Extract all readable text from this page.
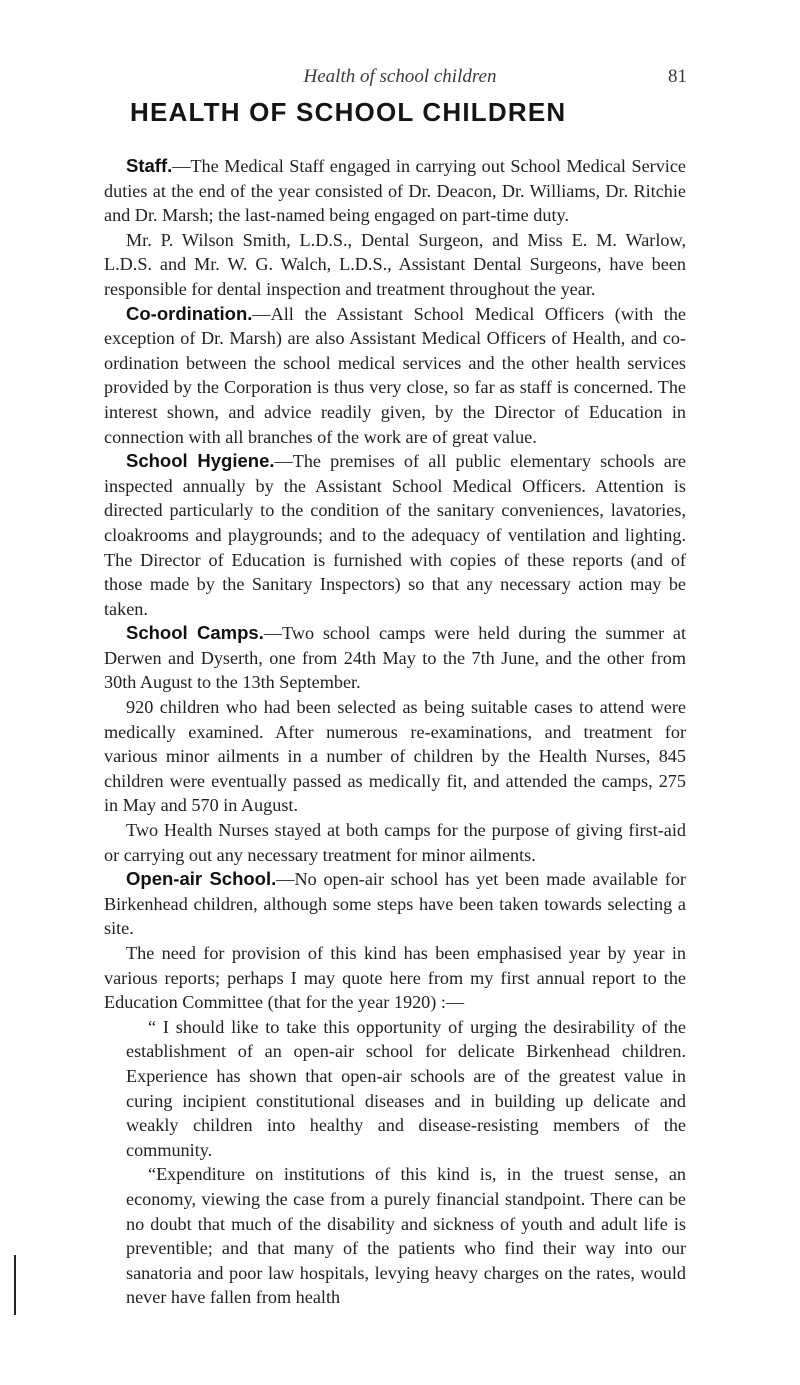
Health of school children	81
HEALTH OF SCHOOL CHILDREN

Staff.—The Medical Staff engaged in carrying out School Medical Service duties at the end of the year consisted of Dr. Deacon, Dr. Williams, Dr. Ritchie and Dr. Marsh; the last-named being engaged on part-time duty.

Mr. P. Wilson Smith, L.D.S., Dental Surgeon, and Miss E. M. Warlow, L.D.S. and Mr. W. G. Walch, L.D.S., Assistant Dental Surgeons, have been responsible for dental inspection and treatment throughout the year.

Co-ordination.—All the Assistant School Medical Officers (with the exception of Dr. Marsh) are also Assistant Medical Officers of Health, and co-ordination between the school medical services and the other health services provided by the Corporation is thus very close, so far as staff is concerned. The interest shown, and advice readily given, by the Director of Education in connection with all branches of the work are of great value.

School Hygiene.—The premises of all public elementary schools are inspected annually by the Assistant School Medical Officers. Attention is directed particularly to the condition of the sanitary conveniences, lavatories, cloakrooms and playgrounds; and to the adequacy of ventilation and lighting. The Director of Education is furnished with copies of these reports (and of those made by the Sanitary Inspectors) so that any necessary action may be taken.

School Camps.—Two school camps were held during the summer at Derwen and Dyserth, one from 24th May to the 7th June, and the other from 30th August to the 13th September.

920 children who had been selected as being suitable cases to attend were medically examined. After numerous re-examinations, and treatment for various minor ailments in a number of children by the Health Nurses, 845 children were eventually passed as medically fit, and attended the camps, 275 in May and 570 in August.

Two Health Nurses stayed at both camps for the purpose of giving first-aid or carrying out any necessary treatment for minor ailments.

Open-air School.—No open-air school has yet been made available for Birkenhead children, although some steps have been taken towards selecting a site.

The need for provision of this kind has been emphasised year by year in various reports; perhaps I may quote here from my first annual report to the Education Committee (that for the year 1920) :—

“ I should like to take this opportunity of urging the desirability of the establishment of an open-air school for delicate Birkenhead children. Experience has shown that open-air schools are of the greatest value in curing incipient constitutional diseases and in building up delicate and weakly children into healthy and disease-resisting members of the community.

“Expenditure on institutions of this kind is, in the truest sense, an economy, viewing the case from a purely financial standpoint. There can be no doubt that much of the disability and sickness of youth and adult life is preventible; and that many of the patients who find their way into our sanatoria and poor law hospitals, levying heavy charges on the rates, would never have fallen from health
